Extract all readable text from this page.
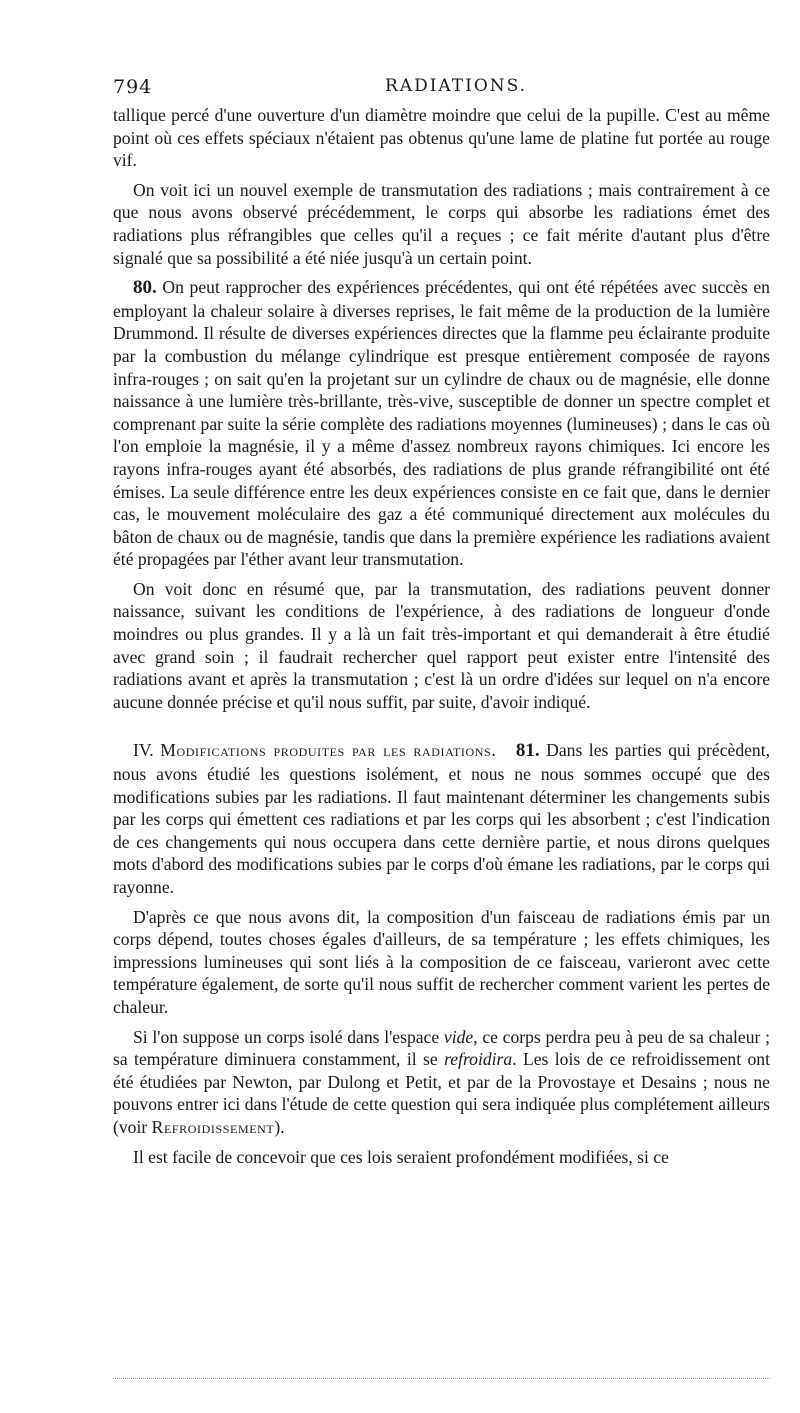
794	RADIATIONS.

tallique percé d'une ouverture d'un diamètre moindre que celui de la pupille. C'est au même point où ces effets spéciaux n'étaient pas obtenus qu'une lame de platine fut portée au rouge vif.

On voit ici un nouvel exemple de transmutation des radiations ; mais contrairement à ce que nous avons observé précédemment, le corps qui absorbe les radiations émet des radiations plus réfrangibles que celles qu'il a reçues ; ce fait mérite d'autant plus d'être signalé que sa possibilité a été niée jusqu'à un certain point.

80. On peut rapprocher des expériences précédentes, qui ont été répétées avec succès en employant la chaleur solaire à diverses reprises, le fait même de la production de la lumière Drummond. Il résulte de diverses expériences directes que la flamme peu éclairante produite par la combustion du mélange cylindrique est presque entièrement composée de rayons infra-rouges ; on sait qu'en la projetant sur un cylindre de chaux ou de magnésie, elle donne naissance à une lumière très-brillante, très-vive, susceptible de donner un spectre complet et comprenant par suite la série complète des radiations moyennes (lumineuses) ; dans le cas où l'on emploie la magnésie, il y a même d'assez nombreux rayons chimiques. Ici encore les rayons infra-rouges ayant été absorbés, des radiations de plus grande réfrangibilité ont été émises. La seule différence entre les deux expériences consiste en ce fait que, dans le dernier cas, le mouvement moléculaire des gaz a été communiqué directement aux molécules du bâton de chaux ou de magnésie, tandis que dans la première expérience les radiations avaient été propagées par l'éther avant leur transmutation.

On voit donc en résumé que, par la transmutation, des radiations peuvent donner naissance, suivant les conditions de l'expérience, à des radiations de longueur d'onde moindres ou plus grandes. Il y a là un fait très-important et qui demanderait à être étudié avec grand soin ; il faudrait rechercher quel rapport peut exister entre l'intensité des radiations avant et après la transmutation ; c'est là un ordre d'idées sur lequel on n'a encore aucune donnée précise et qu'il nous suffit, par suite, d'avoir indiqué.

IV. Modifications produites par les radiations. 81. Dans les parties qui précèdent, nous avons étudié les questions isolément, et nous ne nous sommes occupé que des modifications subies par les radiations. Il faut maintenant déterminer les changements subis par les corps qui émettent ces radiations et par les corps qui les absorbent ; c'est l'indication de ces changements qui nous occupera dans cette dernière partie, et nous dirons quelques mots d'abord des modifications subies par le corps d'où émane les radiations, par le corps qui rayonne.

D'après ce que nous avons dit, la composition d'un faisceau de radiations émis par un corps dépend, toutes choses égales d'ailleurs, de sa température ; les effets chimiques, les impressions lumineuses qui sont liés à la composition de ce faisceau, varieront avec cette température également, de sorte qu'il nous suffit de rechercher comment varient les pertes de chaleur.

Si l'on suppose un corps isolé dans l'espace vide, ce corps perdra peu à peu de sa chaleur ; sa température diminuera constamment, il se refroidira. Les lois de ce refroidissement ont été étudiées par Newton, par Dulong et Petit, et par de la Provostaye et Desains ; nous ne pouvons entrer ici dans l'étude de cette question qui sera indiquée plus complétement ailleurs (voir Refroidissement).

Il est facile de concevoir que ces lois seraient profondément modifiées, si ce
